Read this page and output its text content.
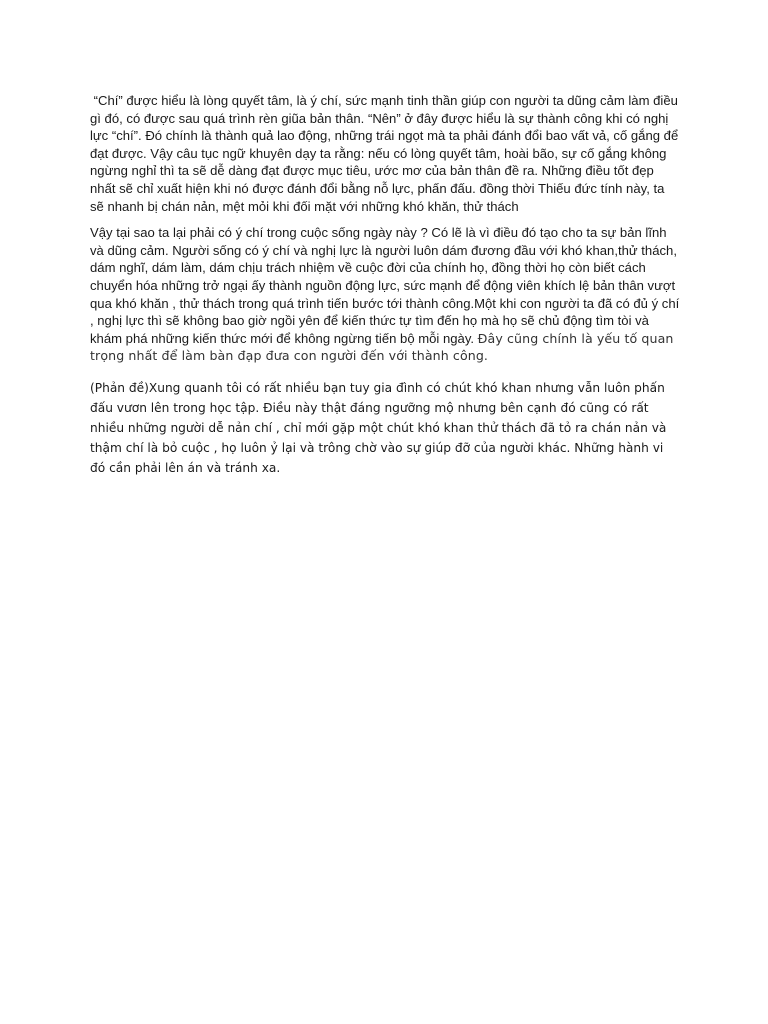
“Chí” được hiểu là lòng quyết tâm, là ý chí, sức mạnh tinh thần giúp con người ta dũng cảm làm điều gì đó, có được sau quá trình rèn giũa bản thân. “Nên” ở đây được hiểu là sự thành công khi có nghị lực “chí”. Đó chính là thành quả lao động, những trái ngọt mà ta phải đánh đổi bao vất vả, cố gắng để đạt được. Vậy câu tục ngữ khuyên dạy ta rằng: nếu có lòng quyết tâm, hoài bão, sự cố gắng không ngừng nghỉ thì ta sẽ dễ dàng đạt được mục tiêu, ước mơ của bản thân đề ra. Những điều tốt đẹp nhất sẽ chỉ xuất hiện khi nó được đánh đổi bằng nỗ lực, phấn đấu. đồng thời Thiếu đức tính này, ta sẽ nhanh bị chán nản, mệt mỏi khi đối mặt với những khó khăn, thử thách

Vậy tại sao ta lại phải có ý chí trong cuộc sống ngày này ? Có lẽ là vì điều đó tạo cho ta sự bản lĩnh và dũng cảm. Người sống có ý chí và nghị lực là người luôn dám đương đầu với khó khan,thử thách, dám nghĩ, dám làm, dám chịu trách nhiệm về cuộc đời của chính họ, đồng thời họ còn biết cách chuyển hóa những trở ngại ấy thành nguồn động lực, sức mạnh để động viên khích lệ bản thân vượt qua khó khăn , thử thách trong quá trình tiến bước tới thành công.Một khi con người ta đã có đủ ý chí , nghị lực thì sẽ không bao giờ ngồi yên để kiến thức tự tìm đến họ mà họ sẽ chủ động tìm tòi và khám phá những kiến thức mới để không ngừng tiến bộ mỗi ngày. Đây cũng chính là yếu tố quan trọng nhất để làm bàn đạp đưa con người đến với thành công.

(Phản đề)Xung quanh tôi có rất nhiều bạn tuy gia đình có chút khó khan nhưng vẫn luôn phấn đấu vươn lên trong học tập. Điều này thật đáng ngưỡng mộ nhưng bên cạnh đó cũng có rất nhiều những người dễ nản chí , chỉ mới gặp một chút khó khan thử thách đã tỏ ra chán nản và thậm chí là bỏ cuộc , họ luôn ỷ lại và trông chờ vào sự giúp đỡ của người khác. Những hành vi đó cần phải lên án và tránh xa.
